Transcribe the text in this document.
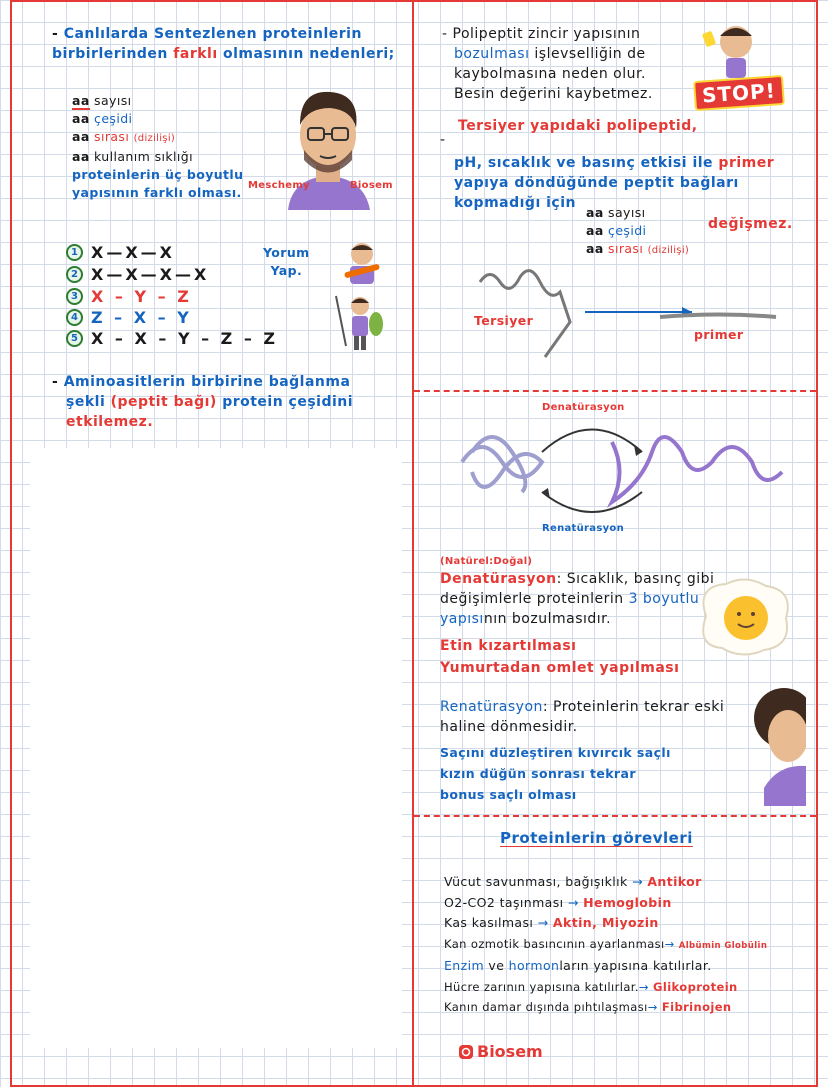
- Canlılarda Sentezlenen proteinlerin
birbirlerinden farklı olmasının nedenleri;
aa sayısı
aa çeşidi
aa sırası (dizilişi)
aa kullanım sıklığı
proteinlerin üç boyutlu
yapısının farklı olması. Meschemy	Biosem
1 X—X—X
2 X—X—X—X
3 X – Y – Z
4 Z – X – Y
5 X – X – Y – Z – Z
Yorum
Yap.
- Aminoasitlerin birbirine bağlanma
şekli (peptit bağı) protein çeşidini
etkilemez.
- Polipeptit zincir yapısının
bozulması işlevselliğin de
kaybolmasına neden olur.
Besin değerini kaybetmez.	STOP!
Tersiyer yapıdaki polipeptid,
-
pH, sıcaklık ve basınç etkisi ile primer
yapıya döndüğünde peptit bağları
kopmadığı için
aa sayısı
aa çeşidi
aa sırası (dizilişi)
değişmez.
Tersiyer
primer
Denatürasyon
Renatürasyon
(Natürel:Doğal)
Denatürasyon: Sıcaklık, basınç gibi
değişimlerle proteinlerin 3 boyutlu
yapısının bozulmasıdır.
Etin kızartılması
Yumurtadan omlet yapılması
Renatürasyon: Proteinlerin tekrar eski
haline dönmesidir.
Saçını düzleştiren kıvırcık saçlı
kızın düğün sonrası tekrar
bonus saçlı olması
Proteinlerin görevleri
Vücut savunması, bağışıklık → Antikor
O2-CO2 taşınması → Hemoglobin
Kas kasılması → Aktin, Miyozin
Kan ozmotik basıncının ayarlanması→ Albümin Globülin
Enzim ve hormonların yapısına katılırlar.
Hücre zarının yapısına katılırlar.→ Glikoprotein
Kanın damar dışında pıhtılaşması→ Fibrinojen
Biosem
